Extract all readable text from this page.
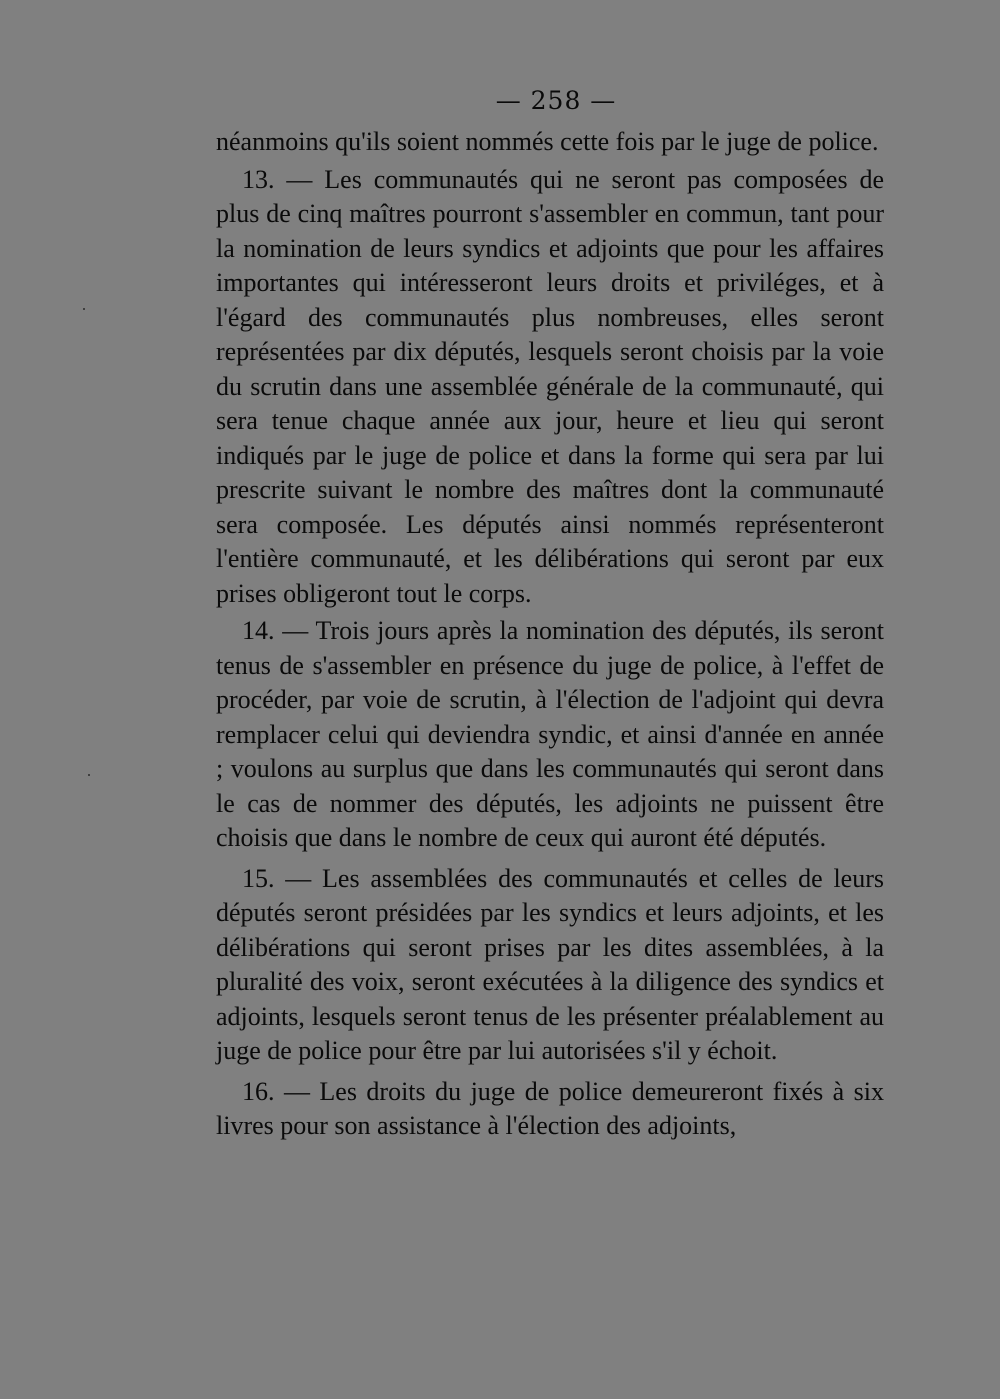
— 258 —

néanmoins qu'ils soient nommés cette fois par le juge de police.

13. — Les communautés qui ne seront pas composées de plus de cinq maîtres pourront s'assembler en commun, tant pour la nomination de leurs syndics et adjoints que pour les affaires importantes qui intéresseront leurs droits et priviléges, et à l'égard des communautés plus nombreuses, elles seront représentées par dix députés, lesquels seront choisis par la voie du scrutin dans une assemblée générale de la communauté, qui sera tenue chaque année aux jour, heure et lieu qui seront indiqués par le juge de police et dans la forme qui sera par lui prescrite suivant le nombre des maîtres dont la communauté sera composée. Les députés ainsi nommés représenteront l'entière communauté, et les délibérations qui seront par eux prises obligeront tout le corps.

14. — Trois jours après la nomination des députés, ils seront tenus de s'assembler en présence du juge de police, à l'effet de procéder, par voie de scrutin, à l'élection de l'adjoint qui devra remplacer celui qui deviendra syndic, et ainsi d'année en année ; voulons au surplus que dans les communautés qui seront dans le cas de nommer des députés, les adjoints ne puissent être choisis que dans le nombre de ceux qui auront été députés.

15. — Les assemblées des communautés et celles de leurs députés seront présidées par les syndics et leurs adjoints, et les délibérations qui seront prises par les dites assemblées, à la pluralité des voix, seront exécutées à la diligence des syndics et adjoints, lesquels seront tenus de les présenter préalablement au juge de police pour être par lui autorisées s'il y échoit.

16. — Les droits du juge de police demeureront fixés à six livres pour son assistance à l'élection des adjoints,
